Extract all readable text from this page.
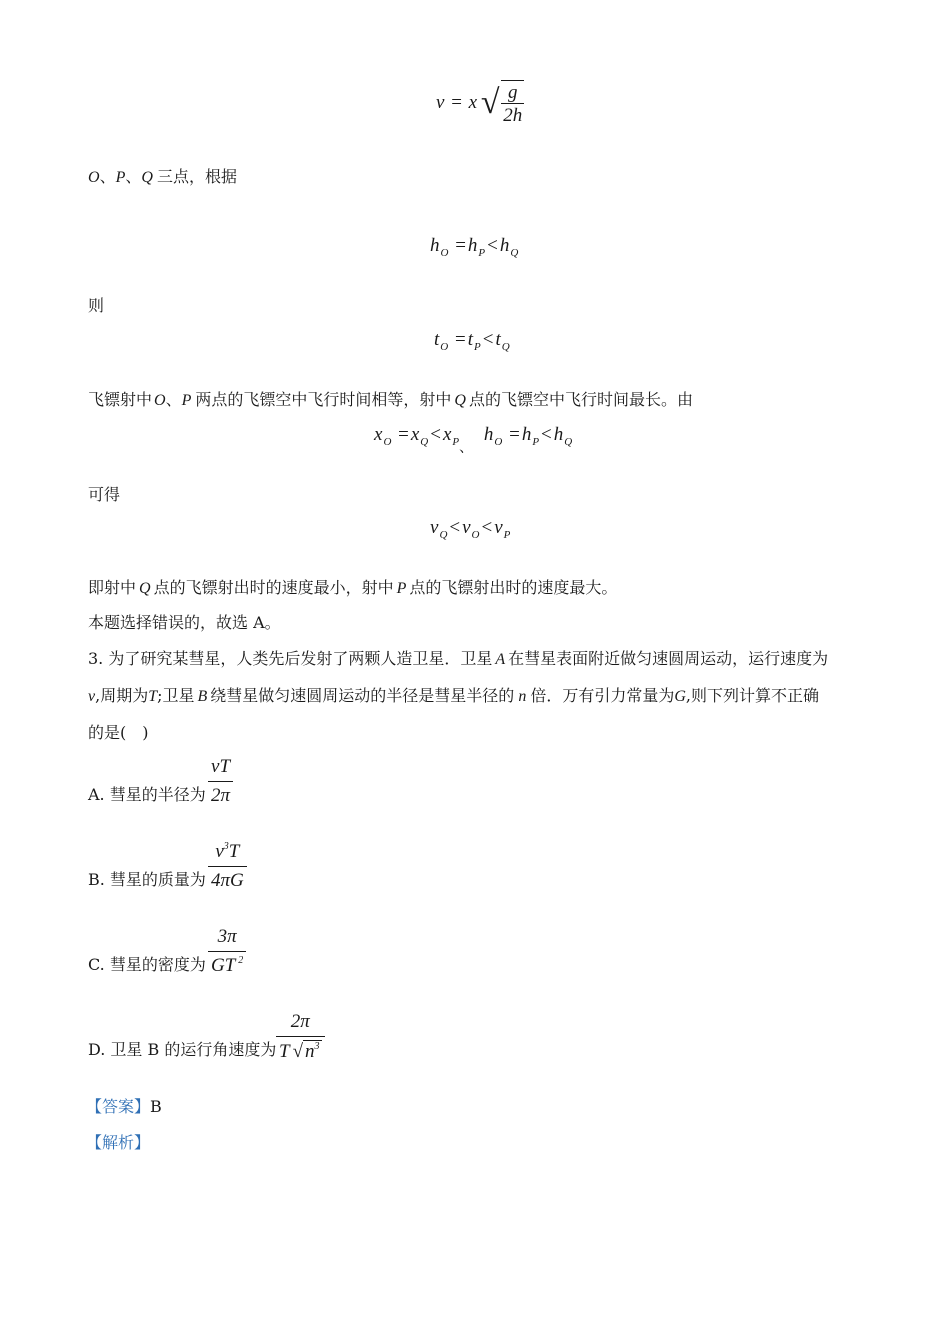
v = x √ $\frac{g}{2h}$
O、P、Q 三点，根据
$h_O = h_P < h_Q$
则
$t_O = t_P < t_Q$
飞镖射中 O、P 两点的飞镖空中飞行时间相等，射中 Q 点的飞镖空中飞行时间最长。由
$x_O = x_Q < x_{P、}$ $h_O = h_P < h_Q$
可得
$v_Q < v_O < v_P$
即射中 Q 点的飞镖射出时的速度最小，射中 P 点的飞镖射出时的速度最大。
本题选择错误的，故选 A。
3. 为了研究某彗星，人类先后发射了两颗人造卫星．卫星 A 在彗星表面附近做匀速圆周运动，运行速度为
v,周期为T;卫星 B 绕彗星做匀速圆周运动的半径是彗星半径的 n 倍．万有引力常量为G,则下列计算不正确
的是(　)
A. 彗星的半径为 $\frac{vT}{2\pi}$
B. 彗星的质量为 $\frac{v^3T}{4\pi G}$
C. 彗星的密度为 $\frac{3\pi}{GT ^2}$
D. 卫星 B 的运行角速度为 $\frac{2\pi}{T √ n^3}$
【答案】B
【解析】
